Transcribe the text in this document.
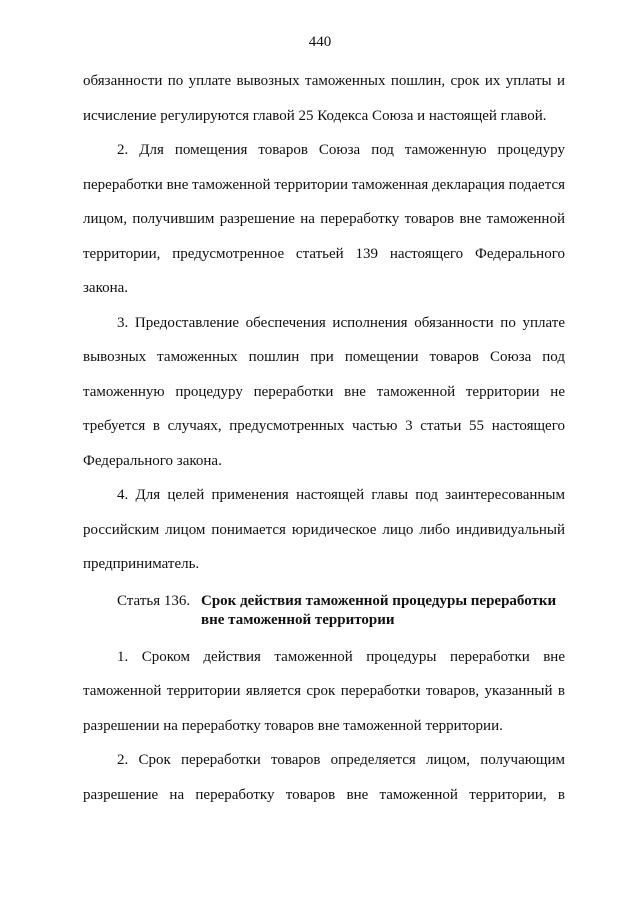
440

обязанности по уплате вывозных таможенных пошлин, срок их уплаты и исчисление регулируются главой 25 Кодекса Союза и настоящей главой.

2. Для помещения товаров Союза под таможенную процедуру переработки вне таможенной территории таможенная декларация подается лицом, получившим разрешение на переработку товаров вне таможенной территории, предусмотренное статьей 139 настоящего Федерального закона.

3. Предоставление обеспечения исполнения обязанности по уплате вывозных таможенных пошлин при помещении товаров Союза под таможенную процедуру переработки вне таможенной территории не требуется в случаях, предусмотренных частью 3 статьи 55 настоящего Федерального закона.

4. Для целей применения настоящей главы под заинтересованным российским лицом понимается юридическое лицо либо индивидуальный предприниматель.

Статья 136. Срок действия таможенной процедуры переработки
вне таможенной территории

1. Сроком действия таможенной процедуры переработки вне таможенной территории является срок переработки товаров, указанный в разрешении на переработку товаров вне таможенной территории.

2. Срок переработки товаров определяется лицом, получающим разрешение на переработку товаров вне таможенной территории, в
